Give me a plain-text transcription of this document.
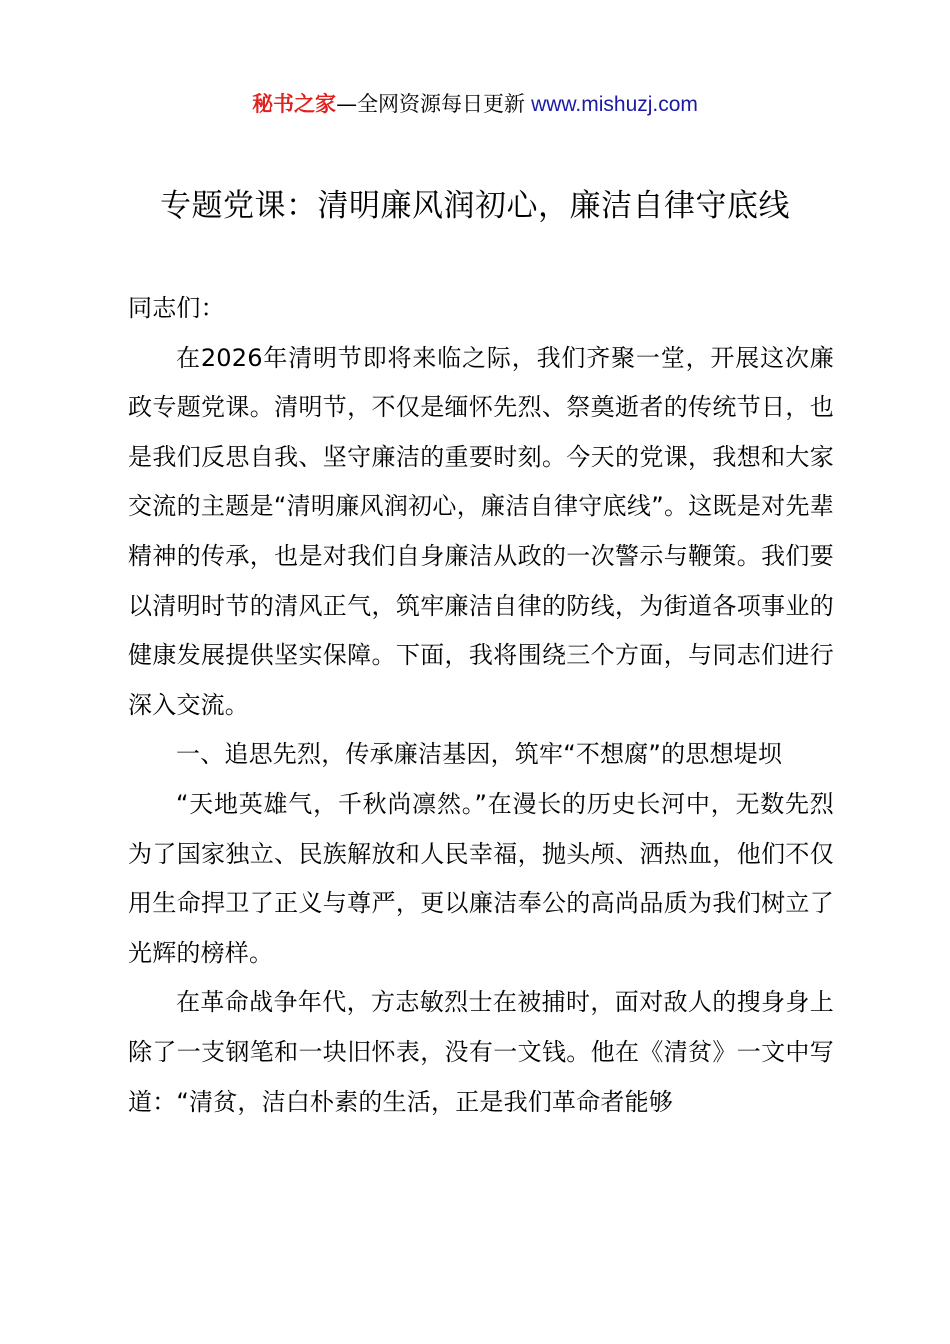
秘书之家—全网资源每日更新 www.mishuzj.com
专题党课：清明廉风润初心，廉洁自律守底线

同志们：

在2026年清明节即将来临之际，我们齐聚一堂，开展这次廉政专题党课。清明节，不仅是缅怀先烈、祭奠逝者的传统节日，也是我们反思自我、坚守廉洁的重要时刻。今天的党课，我想和大家交流的主题是“清明廉风润初心，廉洁自律守底线”。这既是对先辈精神的传承，也是对我们自身廉洁从政的一次警示与鞭策。我们要以清明时节的清风正气，筑牢廉洁自律的防线，为街道各项事业的健康发展提供坚实保障。下面，我将围绕三个方面，与同志们进行深入交流。

一、追思先烈，传承廉洁基因，筑牢“不想腐”的思想堤坝

“天地英雄气，千秋尚凛然。”在漫长的历史长河中，无数先烈为了国家独立、民族解放和人民幸福，抛头颅、洒热血，他们不仅用生命捍卫了正义与尊严，更以廉洁奉公的高尚品质为我们树立了光辉的榜样。

在革命战争年代，方志敏烈士在被捕时，面对敌人的搜身身上除了一支钢笔和一块旧怀表，没有一文钱。他在《清贫》一文中写道：“清贫，洁白朴素的生活，正是我们革命者能够
